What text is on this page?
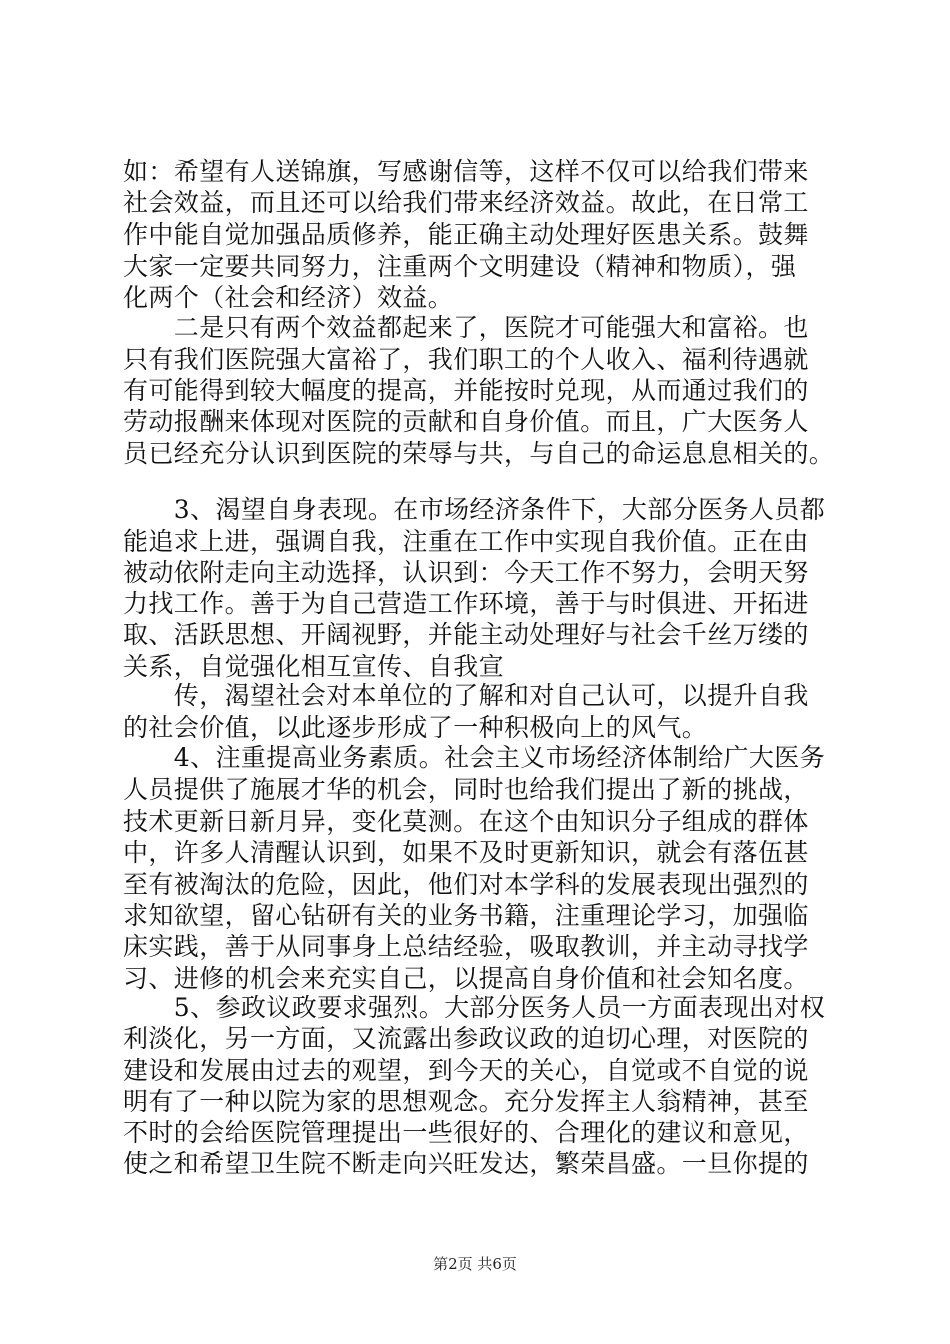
如：希望有人送锦旗，写感谢信等，这样不仅可以给我们带来
社会效益，而且还可以给我们带来经济效益。故此，在日常工
作中能自觉加强品质修养，能正确主动处理好医患关系。鼓舞
大家一定要共同努力，注重两个文明建设（精神和物质），强
化两个（社会和经济）效益。
　　二是只有两个效益都起来了，医院才可能强大和富裕。也
只有我们医院强大富裕了，我们职工的个人收入、福利待遇就
有可能得到较大幅度的提高，并能按时兑现，从而通过我们的
劳动报酬来体现对医院的贡献和自身价值。而且，广大医务人
员已经充分认识到医院的荣辱与共，与自己的命运息息相关的。
　　3、渴望自身表现。在市场经济条件下，大部分医务人员都
能追求上进，强调自我，注重在工作中实现自我价值。正在由
被动依附走向主动选择，认识到：今天工作不努力，会明天努
力找工作。善于为自己营造工作环境，善于与时俱进、开拓进
取、活跃思想、开阔视野，并能主动处理好与社会千丝万缕的
关系，自觉强化相互宣传、自我宣
　　传，渴望社会对本单位的了解和对自己认可，以提升自我
的社会价值，以此逐步形成了一种积极向上的风气。
　　4、注重提高业务素质。社会主义市场经济体制给广大医务
人员提供了施展才华的机会，同时也给我们提出了新的挑战，
技术更新日新月异，变化莫测。在这个由知识分子组成的群体
中，许多人清醒认识到，如果不及时更新知识，就会有落伍甚
至有被淘汰的危险，因此，他们对本学科的发展表现出强烈的
求知欲望，留心钻研有关的业务书籍，注重理论学习，加强临
床实践，善于从同事身上总结经验，吸取教训，并主动寻找学
习、进修的机会来充实自己，以提高自身价值和社会知名度。
　　5、参政议政要求强烈。大部分医务人员一方面表现出对权
利淡化，另一方面，又流露出参政议政的迫切心理，对医院的
建设和发展由过去的观望，到今天的关心，自觉或不自觉的说
明有了一种以院为家的思想观念。充分发挥主人翁精神，甚至
不时的会给医院管理提出一些很好的、合理化的建议和意见，
使之和希望卫生院不断走向兴旺发达，繁荣昌盛。一旦你提的
第2页 共6页
